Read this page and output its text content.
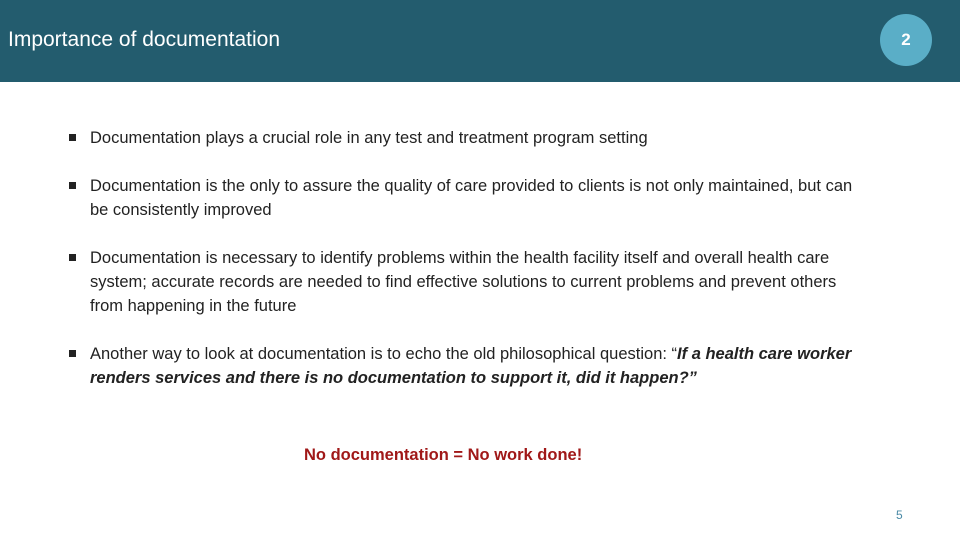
Importance of documentation	2
Documentation plays a crucial role in any test and treatment program setting
Documentation is the only to assure the quality of care provided to clients is not only maintained, but can be consistently improved
Documentation is necessary to identify problems within the health facility itself and overall health care system; accurate records are needed to find effective solutions to current problems and prevent others from happening in the future
Another way to look at documentation is to echo the old philosophical question: “If a health care worker renders services and there is no documentation to support it, did it happen?”
No documentation = No work done!
5
